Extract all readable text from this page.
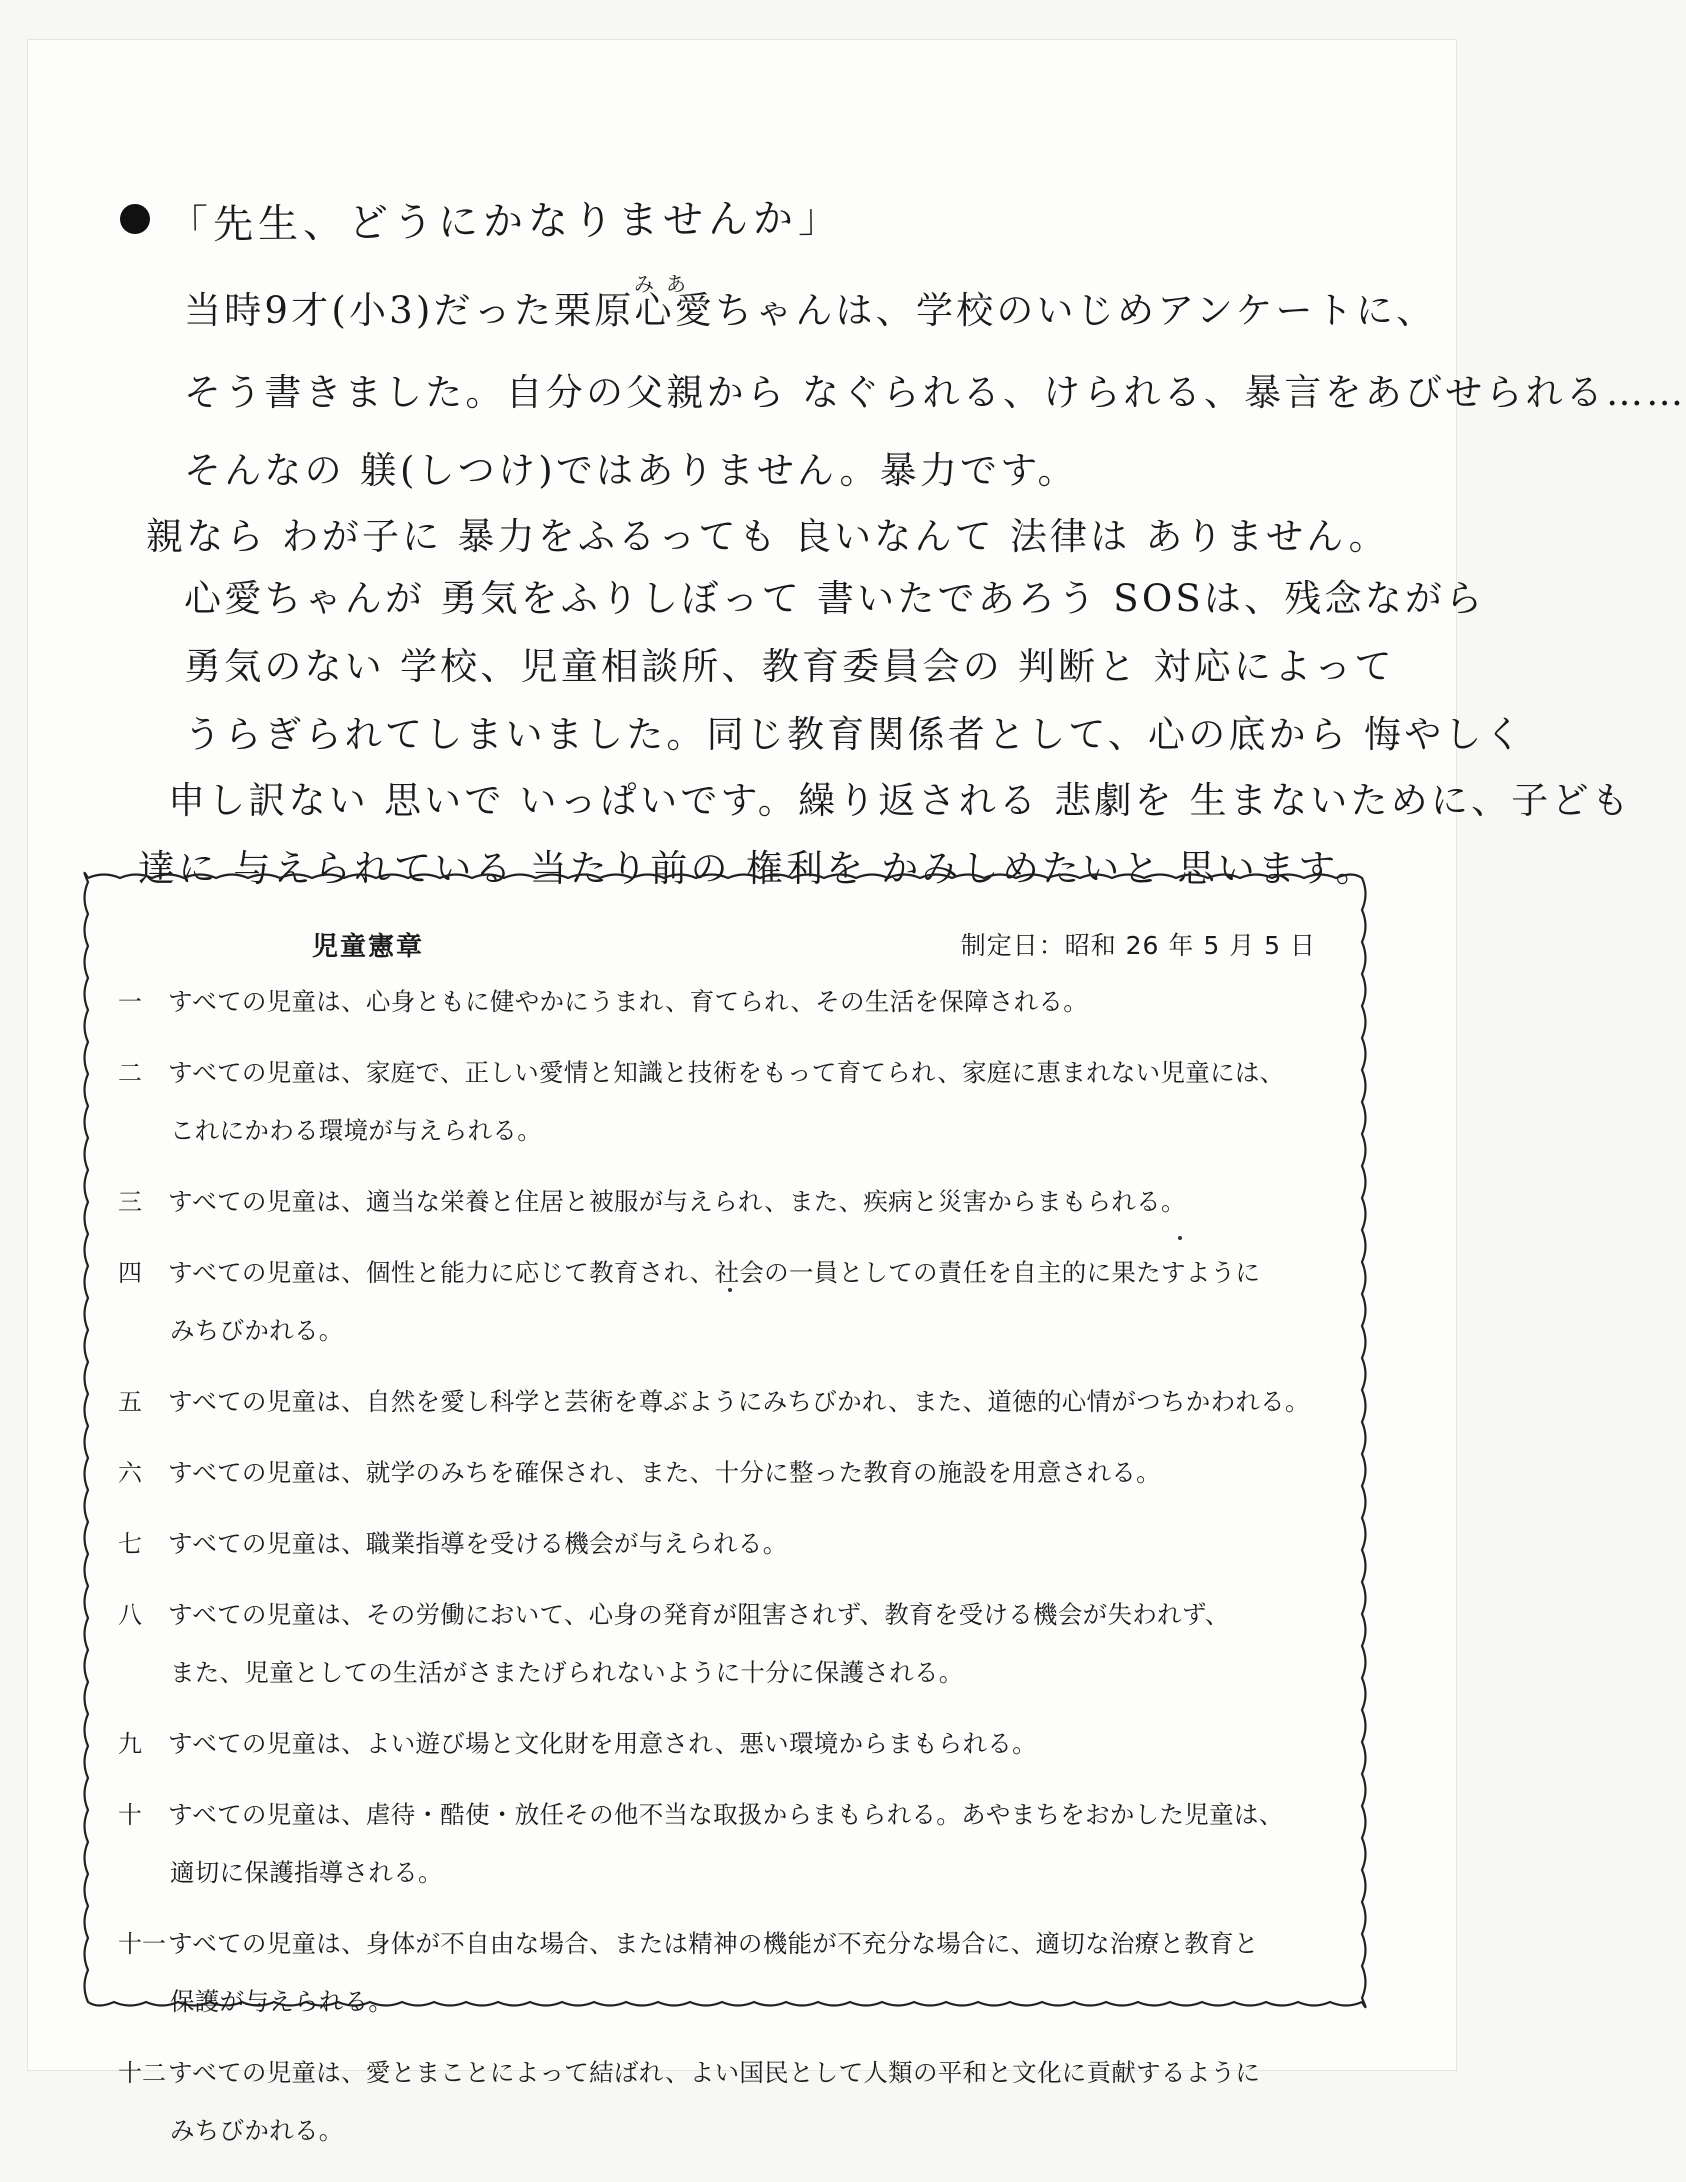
「先生、どうにかなりませんか」
みあ
当時9才(小3)だった栗原心愛ちゃんは、学校のいじめアンケートに、
そう書きました。自分の父親から なぐられる、けられる、暴言をあびせられる……
そんなの 躾(しつけ)ではありません。暴力です。
親なら わが子に 暴力をふるっても 良いなんて 法律は ありません。
心愛ちゃんが 勇気をふりしぼって 書いたであろう SOSは、残念ながら
勇気のない 学校、児童相談所、教育委員会の 判断と 対応によって
うらぎられてしまいました。同じ教育関係者として、心の底から 悔やしく
申し訳ない 思いで いっぱいです。繰り返される 悲劇を 生まないために、子ども
達に 与えられている 当たり前の 権利を かみしめたいと 思います。
児童憲章	制定日：昭和 26 年 5 月 5 日
一	すべての児童は、心身ともに健やかにうまれ、育てられ、その生活を保障される。
二	すべての児童は、家庭で、正しい愛情と知識と技術をもって育てられ、家庭に恵まれない児童には、
これにかわる環境が与えられる。
三	すべての児童は、適当な栄養と住居と被服が与えられ、また、疾病と災害からまもられる。
四	すべての児童は、個性と能力に応じて教育され、社会の一員としての責任を自主的に果たすように
みちびかれる。
五	すべての児童は、自然を愛し科学と芸術を尊ぶようにみちびかれ、また、道徳的心情がつちかわれる。
六	すべての児童は、就学のみちを確保され、また、十分に整った教育の施設を用意される。
七	すべての児童は、職業指導を受ける機会が与えられる。
八	すべての児童は、その労働において、心身の発育が阻害されず、教育を受ける機会が失われず、
また、児童としての生活がさまたげられないように十分に保護される。
九	すべての児童は、よい遊び場と文化財を用意され、悪い環境からまもられる。
十	すべての児童は、虐待・酷使・放任その他不当な取扱からまもられる。あやまちをおかした児童は、
適切に保護指導される。
十一 すべての児童は、身体が不自由な場合、または精神の機能が不充分な場合に、適切な治療と教育と
保護が与えられる。
十二 すべての児童は、愛とまことによって結ばれ、よい国民として人類の平和と文化に貢献するように
みちびかれる。
